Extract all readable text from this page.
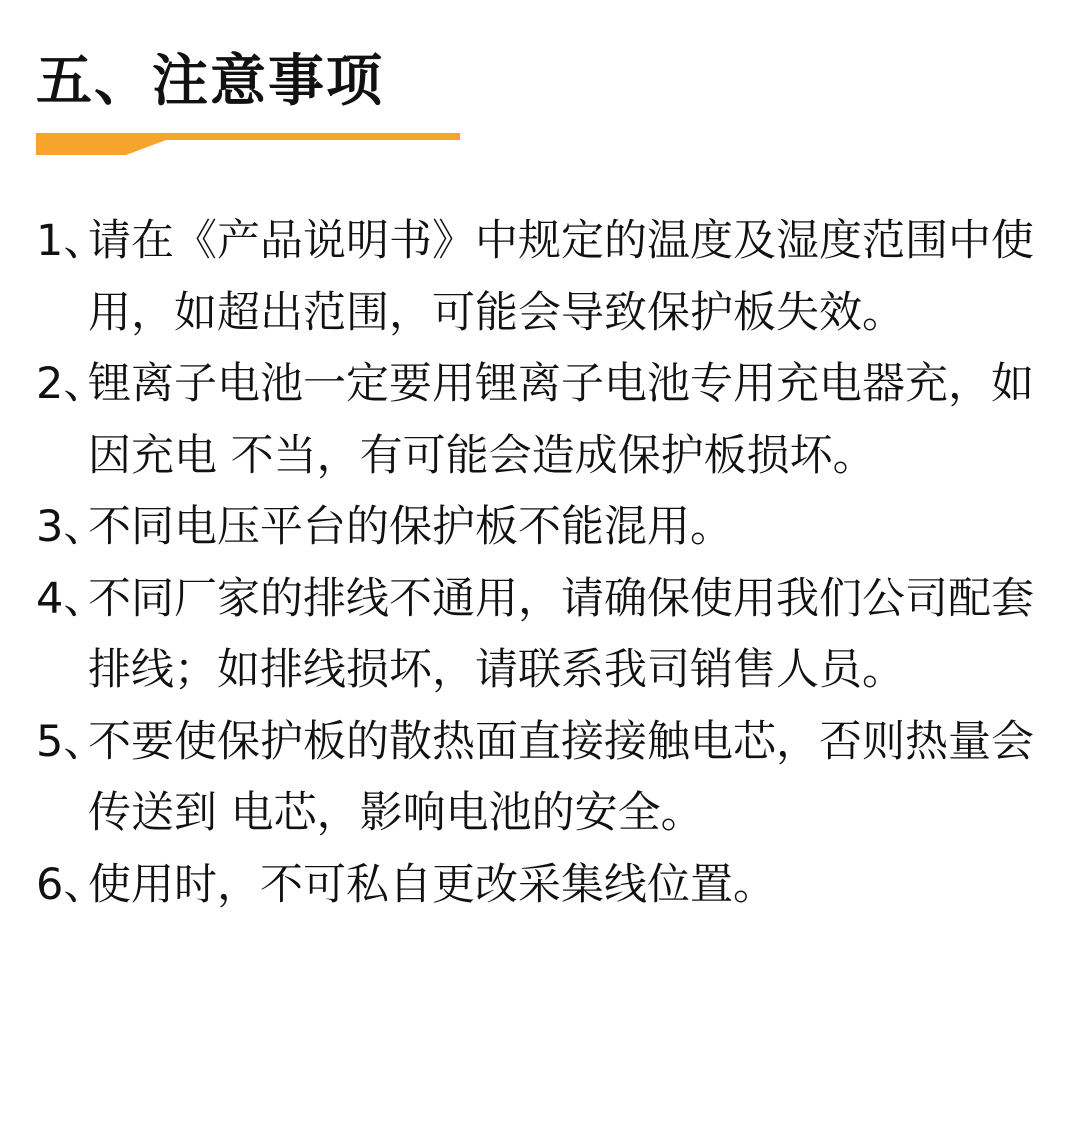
五、注意事项
1、
请在《产品说明书》中规定的温度及湿度范围中使用，如超出范围，可能会导致保护板失效。
2、
锂离子电池一定要用锂离子电池专用充电器充，如因充电 不当，有可能会造成保护板损坏。
3、
不同电压平台的保护板不能混用。
4、
不同厂家的排线不通用，请确保使用我们公司配套排线；如排线损坏，请联系我司销售人员。
5、
不要使保护板的散热面直接接触电芯，否则热量会传送到 电芯，影响电池的安全。
6、
使用时，不可私自更改采集线位置。
